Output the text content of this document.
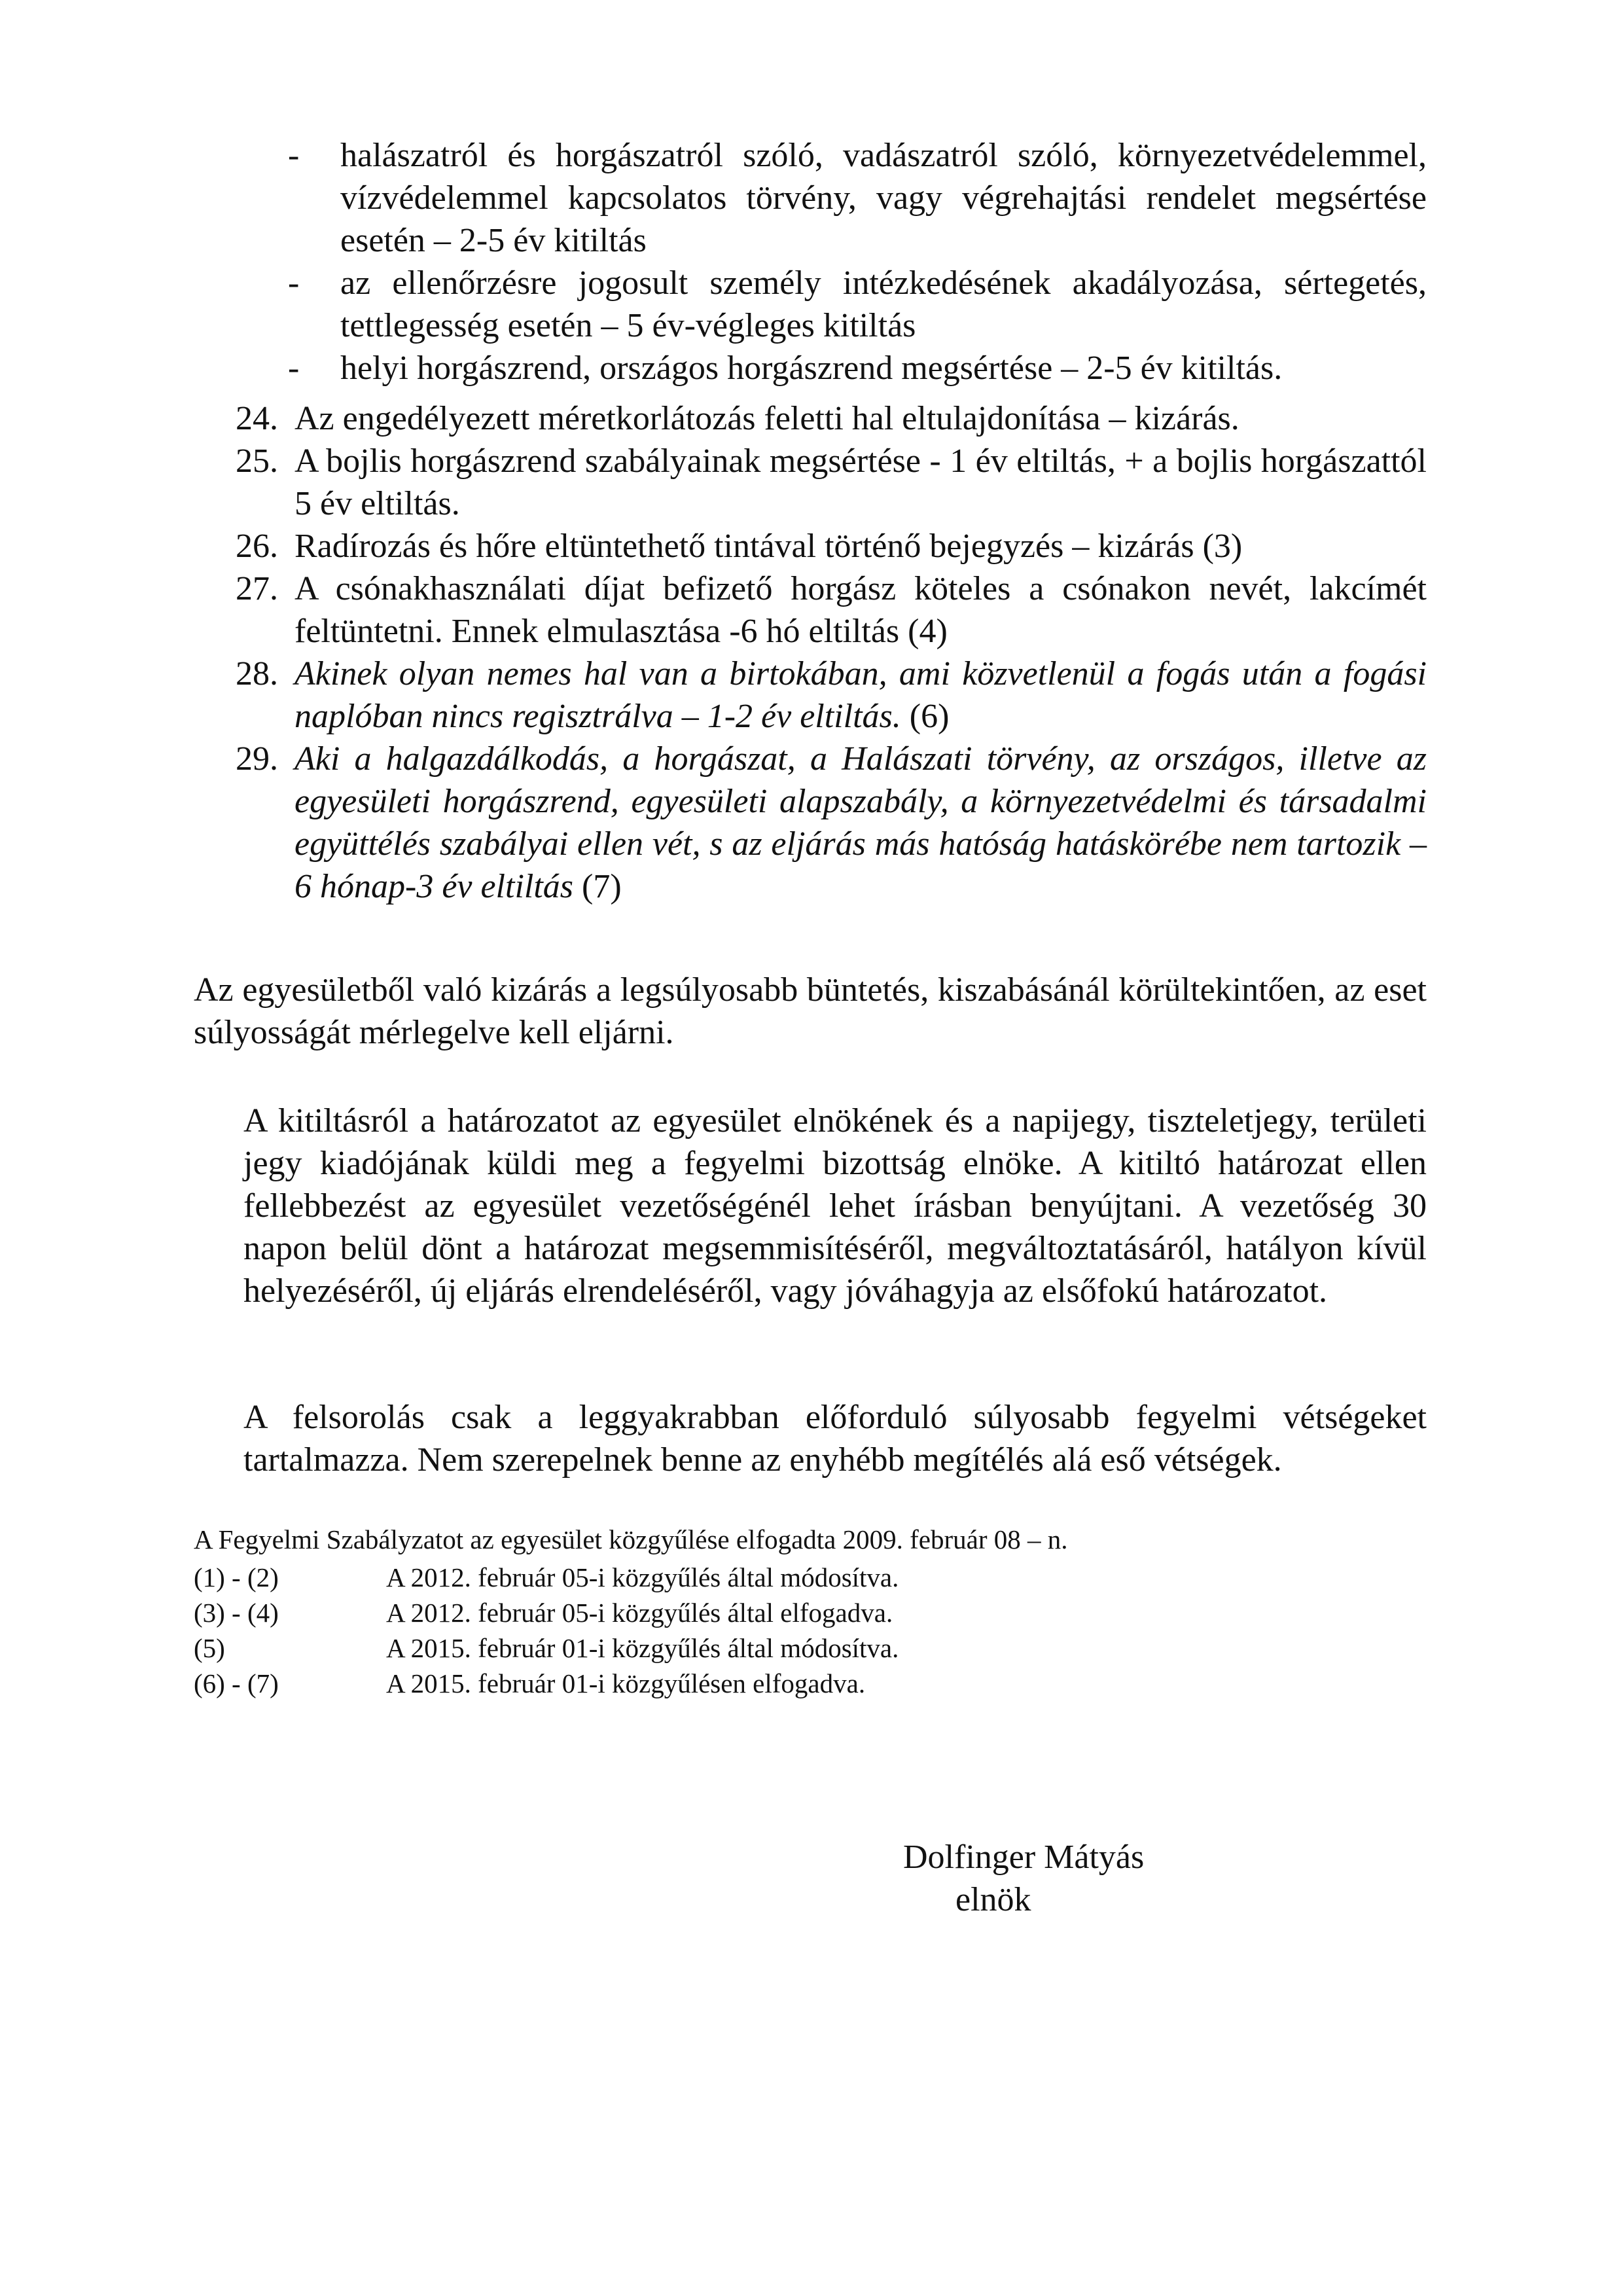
- halászatról és horgászatról szóló, vadászatról szóló, környezetvédelemmel, vízvédelemmel kapcsolatos törvény, vagy végrehajtási rendelet megsértése esetén – 2-5 év kitiltás
- az ellenőrzésre jogosult személy intézkedésének akadályozása, sértegetés, tettlegesség esetén – 5 év-végleges kitiltás
- helyi horgászrend, országos horgászrend megsértése – 2-5 év kitiltás.
24. Az engedélyezett méretkorlátozás feletti hal eltulajdonítása – kizárás.
25. A bojlis horgászrend szabályainak megsértése - 1 év eltiltás, + a bojlis horgászattól 5 év eltiltás.
26. Radírozás és hőre eltüntethető tintával történő bejegyzés – kizárás (3)
27. A csónakhasználati díjat befizető horgász köteles a csónakon nevét, lakcímét feltüntetni. Ennek elmulasztása -6 hó eltiltás (4)
28. Akinek olyan nemes hal van a birtokában, ami közvetlenül a fogás után a fogási naplóban nincs regisztrálva – 1-2 év eltiltás. (6)
29. Aki a halgazdálkodás, a horgászat, a Halászati törvény, az országos, illetve az egyesületi horgászrend, egyesületi alapszabály, a környezetvédelmi és társadalmi együttélés szabályai ellen vét, s az eljárás más hatóság hatáskörébe nem tartozik – 6 hónap-3 év eltiltás (7)

Az egyesületből való kizárás a legsúlyosabb büntetés, kiszabásánál körültekintően, az eset súlyosságát mérlegelve kell eljárni.

A kitiltásról a határozatot az egyesület elnökének és a napijegy, tiszteletjegy, területi jegy kiadójának küldi meg a fegyelmi bizottság elnöke. A kitiltó határozat ellen fellebbezést az egyesület vezetőségénél lehet írásban benyújtani. A vezetőség 30 napon belül dönt a határozat megsemmisítéséről, megváltoztatásáról, hatályon kívül helyezéséről, új eljárás elrendeléséről, vagy jóváhagyja az elsőfokú határozatot.

A felsorolás csak a leggyakrabban előforduló súlyosabb fegyelmi vétségeket tartalmazza. Nem szerepelnek benne az enyhébb megítélés alá eső vétségek.

A Fegyelmi Szabályzatot az egyesület közgyűlése elfogadta 2009. február 08 – n.
(1) - (2)	A 2012. február 05-i közgyűlés által módosítva.
(3) - (4)	A 2012. február 05-i közgyűlés által elfogadva.
(5)	A 2015. február 01-i közgyűlés által módosítva.
(6) - (7)	A 2015. február 01-i közgyűlésen elfogadva.
Dolfinger Mátyás
elnök
